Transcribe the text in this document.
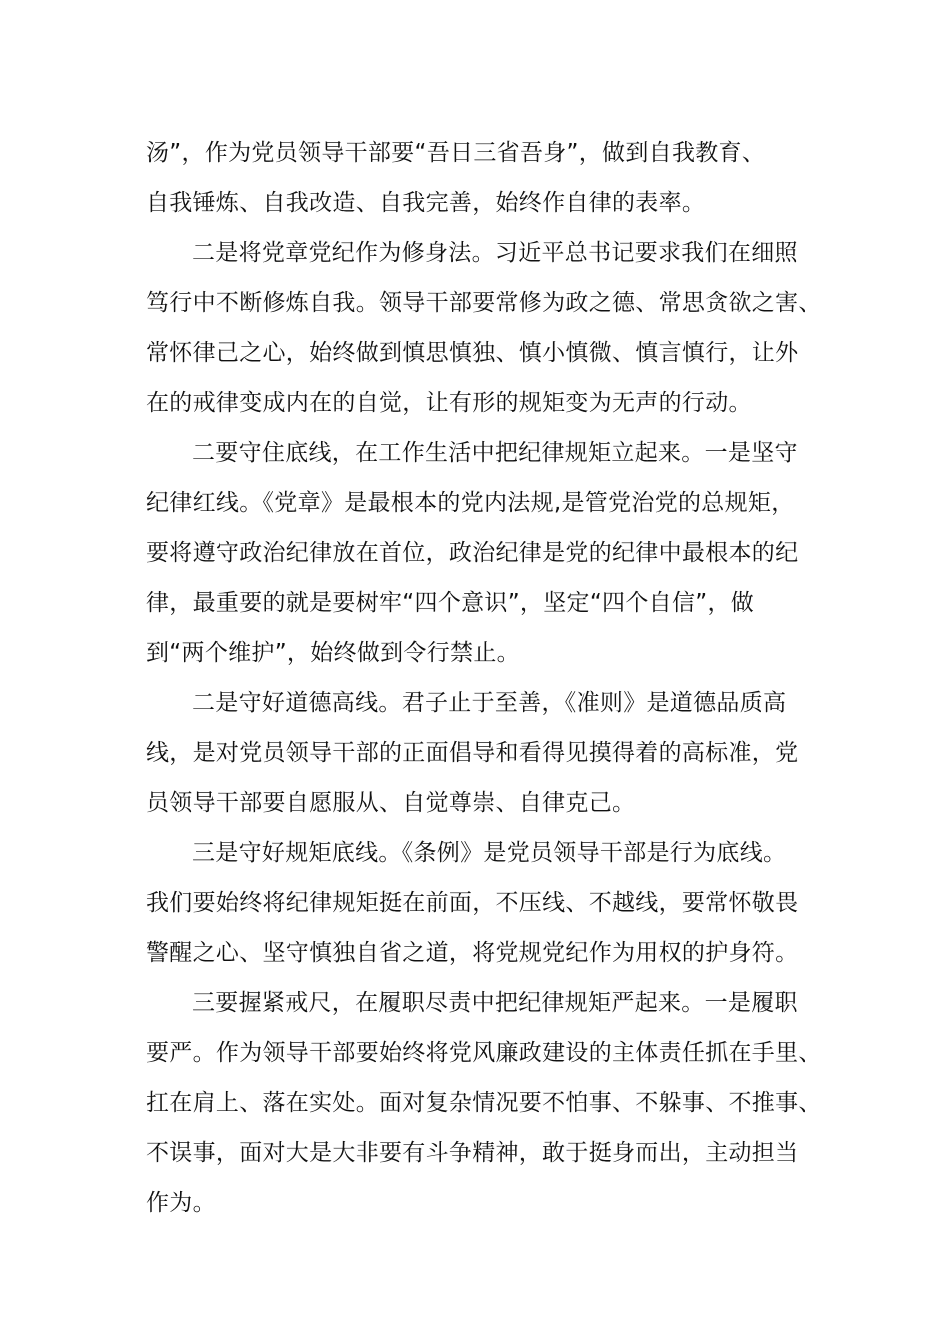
汤”，作为党员领导干部要“吾日三省吾身”，做到自我教育、
自我锤炼、自我改造、自我完善，始终作自律的表率。
二是将党章党纪作为修身法。习近平总书记要求我们在细照
笃行中不断修炼自我。领导干部要常修为政之德、常思贪欲之害、
常怀律己之心，始终做到慎思慎独、慎小慎微、慎言慎行，让外
在的戒律变成内在的自觉，让有形的规矩变为无声的行动。
二要守住底线，在工作生活中把纪律规矩立起来。一是坚守
纪律红线。《党章》是最根本的党内法规,是管党治党的总规矩，
要将遵守政治纪律放在首位，政治纪律是党的纪律中最根本的纪
律，最重要的就是要树牢“四个意识”，坚定“四个自信”，做
到“两个维护”，始终做到令行禁止。
二是守好道德高线。君子止于至善，《准则》是道德品质高
线，是对党员领导干部的正面倡导和看得见摸得着的高标准，党
员领导干部要自愿服从、自觉尊崇、自律克己。
三是守好规矩底线。《条例》是党员领导干部是行为底线。
我们要始终将纪律规矩挺在前面，不压线、不越线，要常怀敬畏
警醒之心、坚守慎独自省之道，将党规党纪作为用权的护身符。
三要握紧戒尺，在履职尽责中把纪律规矩严起来。一是履职
要严。作为领导干部要始终将党风廉政建设的主体责任抓在手里、
扛在肩上、落在实处。面对复杂情况要不怕事、不躲事、不推事、
不误事，面对大是大非要有斗争精神，敢于挺身而出，主动担当
作为。
